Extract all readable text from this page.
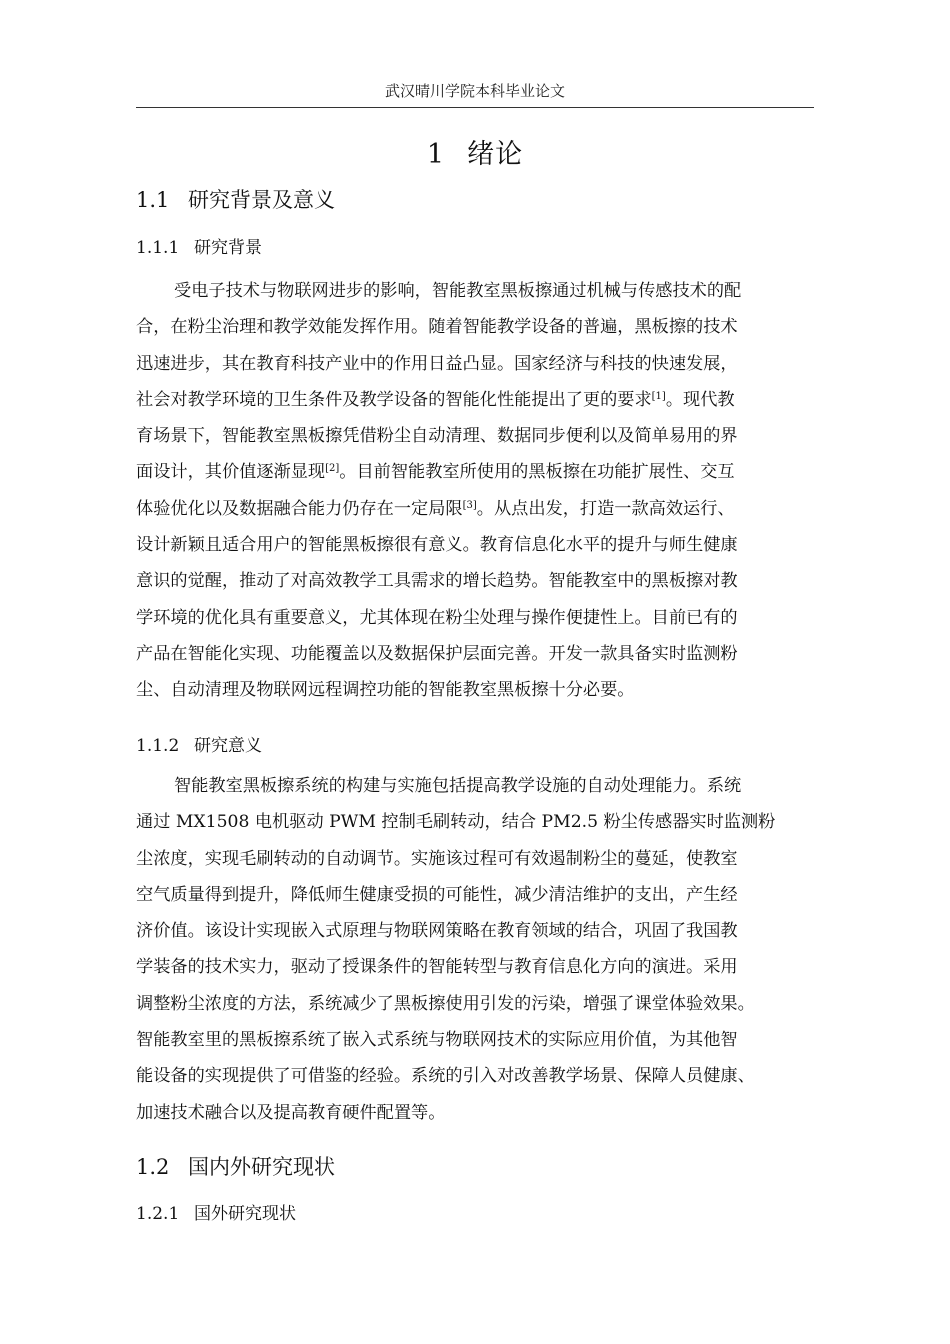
武汉晴川学院本科毕业论文
1 绪论
1.1 研究背景及意义
1.1.1 研究背景

受电子技术与物联网进步的影响，智能教室黑板擦通过机械与传感技术的配
合，在粉尘治理和教学效能发挥作用。随着智能教学设备的普遍，黑板擦的技术
迅速进步，其在教育科技产业中的作用日益凸显。国家经济与科技的快速发展，
社会对教学环境的卫生条件及教学设备的智能化性能提出了更的要求[1]。现代教
育场景下，智能教室黑板擦凭借粉尘自动清理、数据同步便利以及简单易用的界
面设计，其价值逐渐显现[2]。目前智能教室所使用的黑板擦在功能扩展性、交互
体验优化以及数据融合能力仍存在一定局限[3]。从点出发，打造一款高效运行、
设计新颖且适合用户的智能黑板擦很有意义。教育信息化水平的提升与师生健康
意识的觉醒，推动了对高效教学工具需求的增长趋势。智能教室中的黑板擦对教
学环境的优化具有重要意义，尤其体现在粉尘处理与操作便捷性上。目前已有的
产品在智能化实现、功能覆盖以及数据保护层面完善。开发一款具备实时监测粉
尘、自动清理及物联网远程调控功能的智能教室黑板擦十分必要。

1.1.2 研究意义

智能教室黑板擦系统的构建与实施包括提高教学设施的自动处理能力。系统
通过 MX1508 电机驱动 PWM 控制毛刷转动，结合 PM2.5 粉尘传感器实时监测粉
尘浓度，实现毛刷转动的自动调节。实施该过程可有效遏制粉尘的蔓延，使教室
空气质量得到提升，降低师生健康受损的可能性，减少清洁维护的支出，产生经
济价值。该设计实现嵌入式原理与物联网策略在教育领域的结合，巩固了我国教
学装备的技术实力，驱动了授课条件的智能转型与教育信息化方向的演进。采用
调整粉尘浓度的方法，系统减少了黑板擦使用引发的污染，增强了课堂体验效果。
智能教室里的黑板擦系统了嵌入式系统与物联网技术的实际应用价值，为其他智
能设备的实现提供了可借鉴的经验。系统的引入对改善教学场景、保障人员健康、
加速技术融合以及提高教育硬件配置等。

1.2 国内外研究现状
1.2.1 国外研究现状
